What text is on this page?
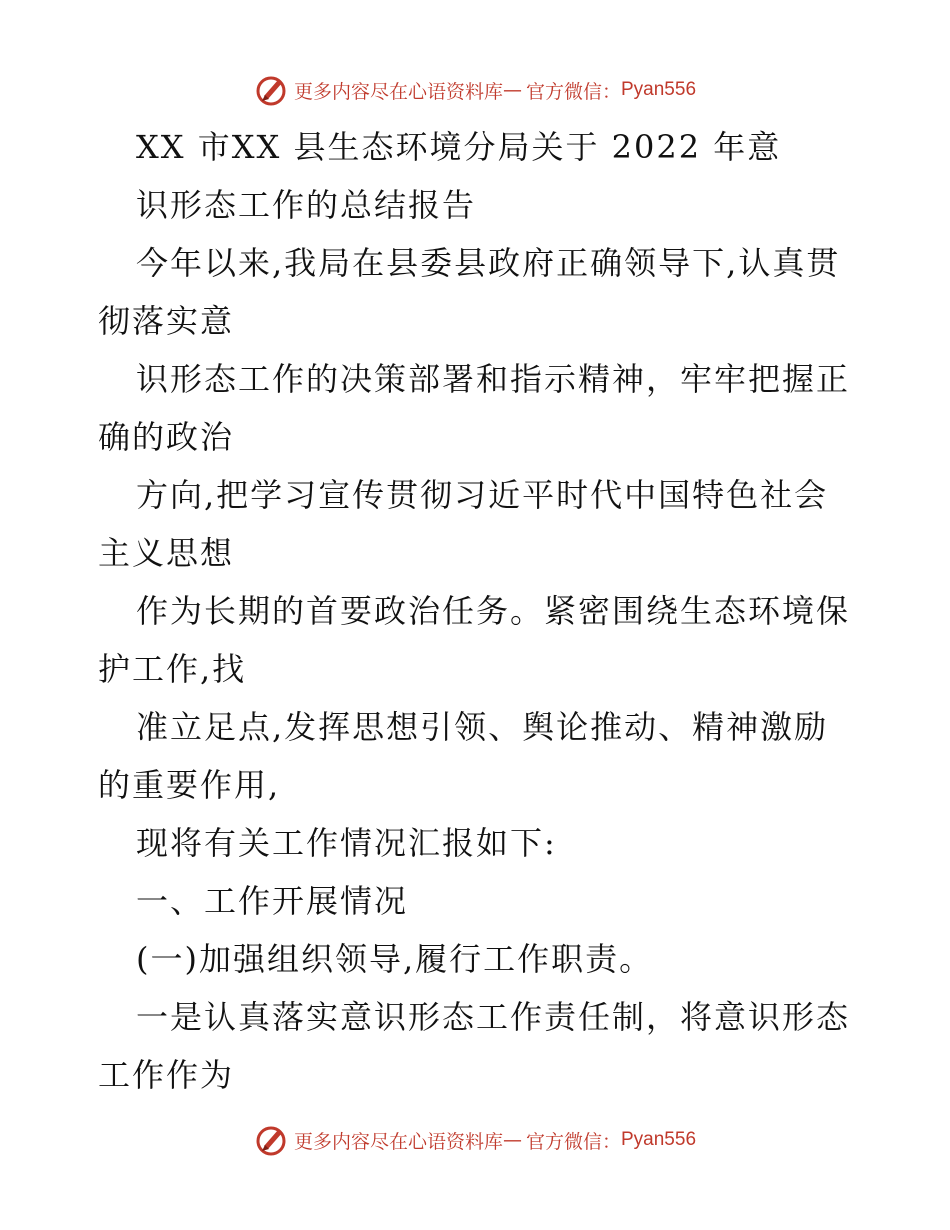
更多内容尽在心语资料库 — 官方微信： Pyan556
XX 市XX 县生态环境分局关于 2022 年意
识形态工作的总结报告
今年以来,我局在县委县政府正确领导下,认真贯
彻落实意
识形态工作的决策部署和指示精神，牢牢把握正
确的政治
方向,把学习宣传贯彻习近平时代中国特色社会
主义思想
作为长期的首要政治任务。紧密围绕生态环境保
护工作,找
准立足点,发挥思想引领、舆论推动、精神激励
的重要作用,
现将有关工作情况汇报如下:
一、工作开展情况
(一)加强组织领导,履行工作职责。
一是认真落实意识形态工作责任制，将意识形态
工作作为
更多内容尽在心语资料库 — 官方微信： Pyan556
